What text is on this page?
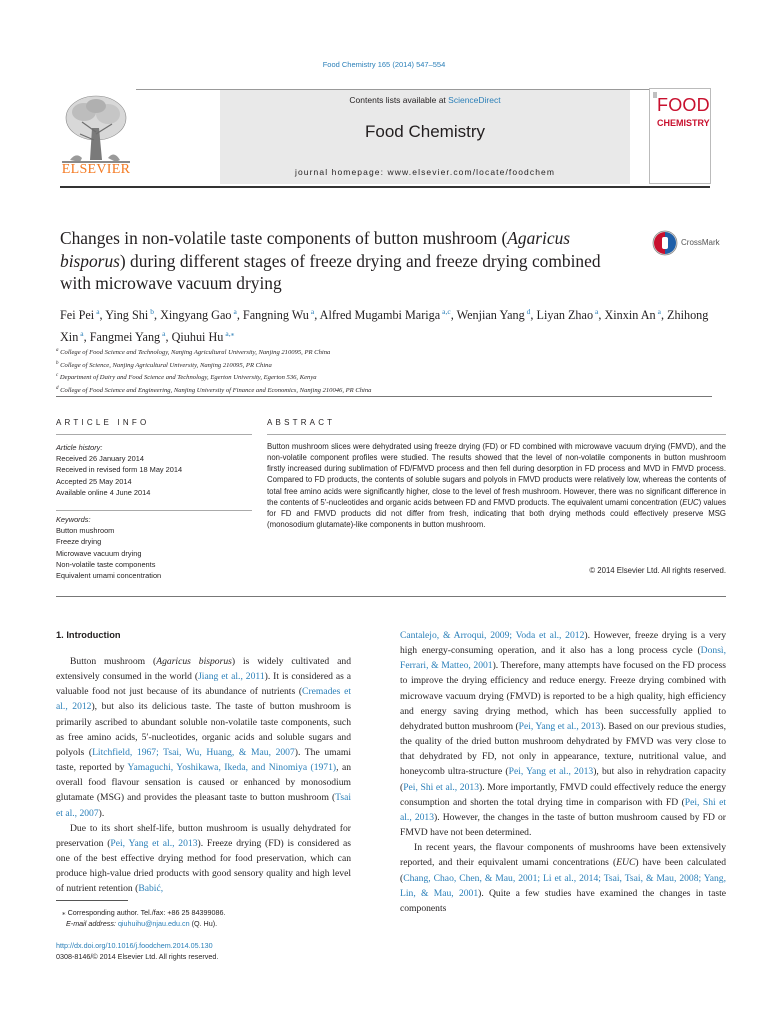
Food Chemistry 165 (2014) 547–554
ELSEVIER
Contents lists available at ScienceDirect
Food Chemistry
journal homepage: www.elsevier.com/locate/foodchem
FOOD
CHEMISTRY
Changes in non-volatile taste components of button mushroom (Agaricus bisporus) during different stages of freeze drying and freeze drying combined with microwave vacuum drying
CrossMark
Fei Pei $^a$, Ying Shi $^b$, Xingyang Gao $^a$, Fangning Wu $^a$, Alfred Mugambi Mariga $^{a,c}$, Wenjian Yang $^d$, Liyan Zhao $^a$, Xinxin An $^a$, Zhihong Xin $^a$, Fangmei Yang $^a$, Qiuhui Hu $^{a,⁎}$
$^a$ College of Food Science and Technology, Nanjing Agricultural University, Nanjing 210095, PR China
$^b$ College of Science, Nanjing Agricultural University, Nanjing 210095, PR China
$^c$ Department of Dairy and Food Science and Technology, Egerton University, Egerton 536, Kenya
$^d$ College of Food Science and Engineering, Nanjing University of Finance and Economics, Nanjing 210046, PR China
ARTICLE INFO
Article history:
Received 26 January 2014
Received in revised form 18 May 2014
Accepted 25 May 2014
Available online 4 June 2014
Keywords:
Button mushroom
Freeze drying
Microwave vacuum drying
Non-volatile taste components
Equivalent umami concentration
ABSTRACT
Button mushroom slices were dehydrated using freeze drying (FD) or FD combined with microwave vacuum drying (FMVD), and the non-volatile component profiles were studied. The results showed that the level of non-volatile components in button mushroom firstly increased during sublimation of FD/FMVD process and then fell during desorption in FD process and MVD in FMVD process. Compared to FD products, the contents of soluble sugars and polyols in FMVD products were relatively low, whereas the contents of total free amino acids were significantly higher, close to the level of fresh mushroom. However, there was no significant difference in the contents of 5′-nucleotides and organic acids between FD and FMVD products. The equivalent umami concentration (EUC) values for FD and FMVD products did not differ from fresh, indicating that both drying methods could effectively preserve MSG (monosodium glutamate)-like components in button mushroom.
© 2014 Elsevier Ltd. All rights reserved.
1. Introduction

Button mushroom (Agaricus bisporus) is widely cultivated and extensively consumed in the world (Jiang et al., 2011). It is considered as a valuable food not just because of its abundance of nutrients (Cremades et al., 2012), but also its delicious taste. The taste of button mushroom is primarily ascribed to abundant soluble non-volatile taste components, such as free amino acids, 5′-nucleotides, organic acids and soluble sugars and polyols (Litchfield, 1967; Tsai, Wu, Huang, & Mau, 2007). The umami taste, reported by Yamaguchi, Yoshikawa, Ikeda, and Ninomiya (1971), an overall food flavour sensation is caused or enhanced by monosodium glutamate (MSG) and provides the pleasant taste to button mushroom (Tsai et al., 2007).

Due to its short shelf-life, button mushroom is usually dehydrated for preservation (Pei, Yang et al., 2013). Freeze drying (FD) is considered as one of the best effective drying method for food preservation, which can produce high-value dried products with good sensory quality and high level of nutrient retention (Babić,

Cantalejo, & Arroqui, 2009; Voda et al., 2012). However, freeze drying is a very high energy-consuming operation, and it also has a long process cycle (Donsì, Ferrari, & Matteo, 2001). Therefore, many attempts have focused on the FD process to improve the drying efficiency and reduce energy. Freeze drying combined with microwave vacuum drying (FMVD) is reported to be a high quality, high efficiency and energy saving drying method, which has been successfully applied to dehydrated button mushroom (Pei, Yang et al., 2013). Based on our previous studies, the quality of the dried button mushroom dehydrated by FMVD was very close to that dehydrated by FD, not only in appearance, texture, nutritional value, and honeycomb ultra-structure (Pei, Yang et al., 2013), but also in rehydration capacity (Pei, Shi et al., 2013). More importantly, FMVD could effectively reduce the energy consumption and shorten the total drying time in comparison with FD (Pei, Shi et al., 2013). However, the changes in the taste of button mushroom caused by FD or FMVD have not been determined.

In recent years, the flavour components of mushrooms have been extensively reported, and their equivalent umami concentrations (EUC) have been calculated (Chang, Chao, Chen, & Mau, 2001; Li et al., 2014; Tsai, Tsai, & Mau, 2008; Yang, Lin, & Mau, 2001). Quite a few studies have examined the changes in taste components

⁎ Corresponding author. Tel./fax: +86 25 84399086.
E-mail address: qiuhuihu@njau.edu.cn (Q. Hu).
http://dx.doi.org/10.1016/j.foodchem.2014.05.130
0308-8146/© 2014 Elsevier Ltd. All rights reserved.
